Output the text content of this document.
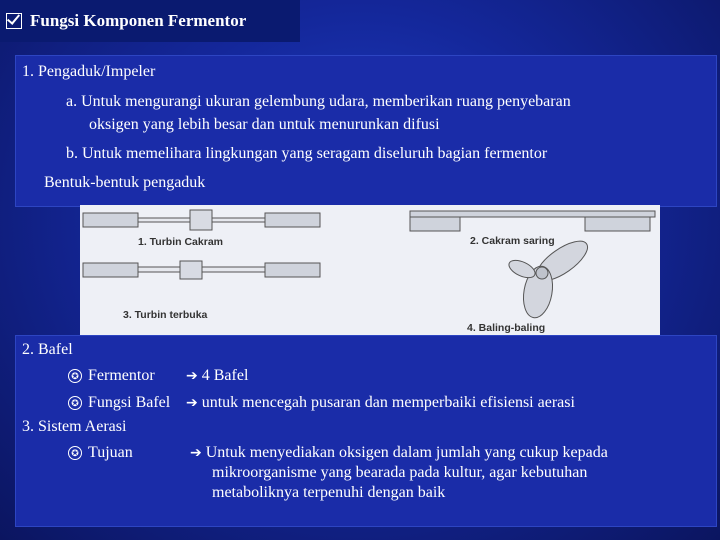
Fungsi Komponen Fermentor
1. Pengaduk/Impeler
a. Untuk mengurangi ukuran gelembung udara, memberikan ruang penyebaran
oksigen yang lebih besar dan untuk menurunkan difusi
b. Untuk memelihara lingkungan yang seragam diseluruh bagian fermentor
Bentuk-bentuk pengaduk
1. Turbin Cakram	2. Cakram saring
3. Turbin terbuka
4. Baling-baling
2. Bafel
✪ Fermentor ➔ 4 Bafel
✪ Fungsi Bafel ➔ untuk mencegah pusaran dan memperbaiki efisiensi aerasi
3. Sistem Aerasi
✪ Tujuan	➔ Untuk menyediakan oksigen dalam jumlah yang cukup kepada
mikroorganisme yang bearada pada kultur, agar kebutuhan
metaboliknya terpenuhi dengan baik
